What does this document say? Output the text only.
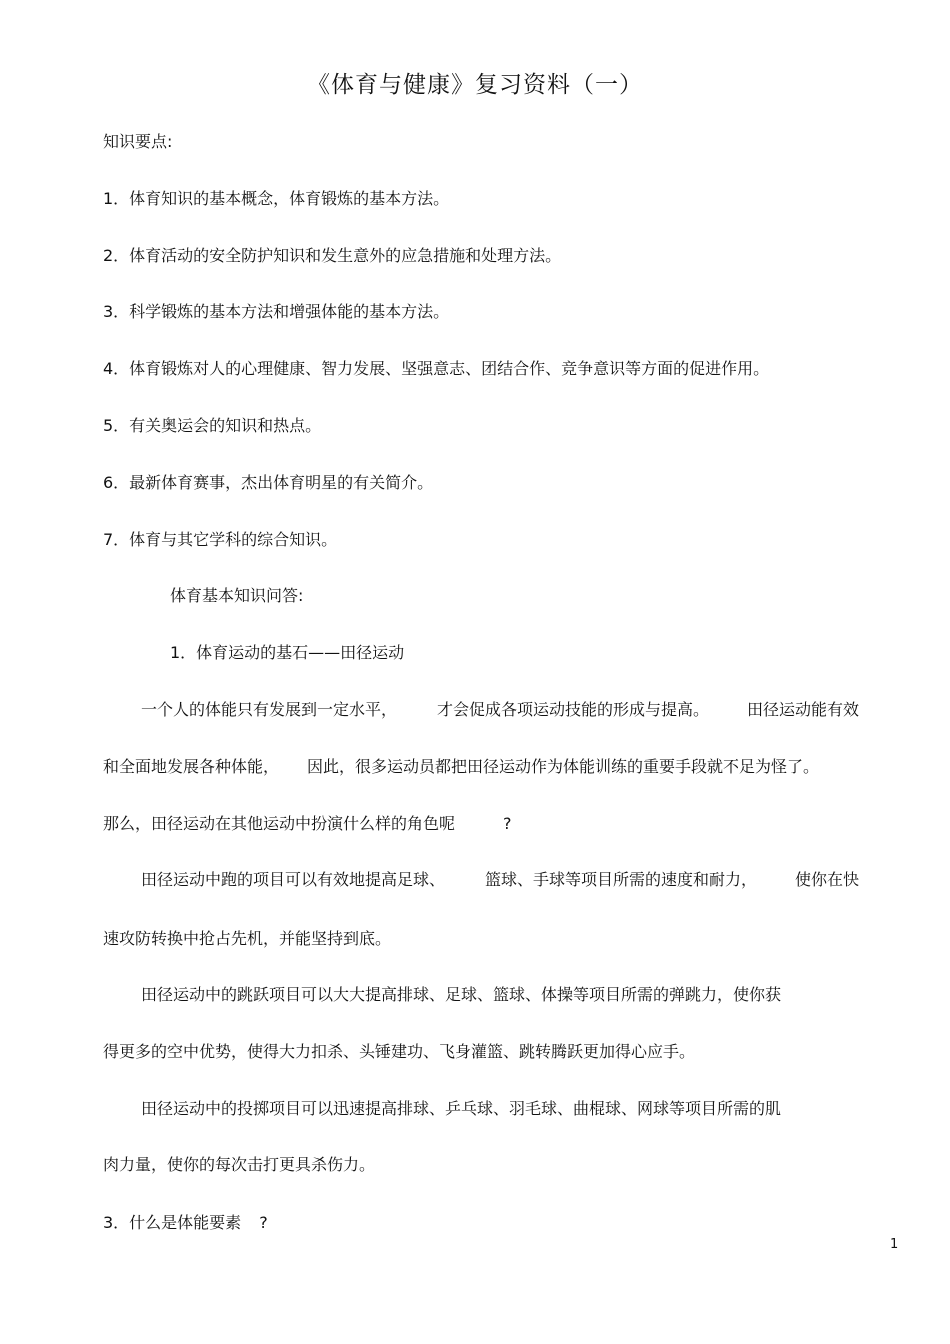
《体育与健康》复习资料（一）
知识要点:
1．体育知识的基本概念，体育锻炼的基本方法。
2．体育活动的安全防护知识和发生意外的应急措施和处理方法。
3．科学锻炼的基本方法和增强体能的基本方法。
4．体育锻炼对人的心理健康、智力发展、坚强意志、团结合作、竞争意识等方面的促进作用。
5．有关奥运会的知识和热点。
6．最新体育赛事，杰出体育明星的有关简介。
7．体育与其它学科的综合知识。
体育基本知识问答:
1．体育运动的基石——田径运动
一个人的体能只有发展到一定水平，	才会促成各项运动技能的形成与提高。 田径运动能有效
和全面地发展各种体能， 因此，很多运动员都把田径运动作为体能训练的重要手段就不足为怪了。
那么，田径运动在其他运动中扮演什么样的角色呢	?
田径运动中跑的项目可以有效地提高足球、	篮球、手球等项目所需的速度和耐力， 使你在快
速攻防转换中抢占先机，并能坚持到底。
田径运动中的跳跃项目可以大大提高排球、足球、篮球、体操等项目所需的弹跳力，使你获
得更多的空中优势，使得大力扣杀、头锤建功、飞身灌篮、跳转腾跃更加得心应手。
田径运动中的投掷项目可以迅速提高排球、乒乓球、羽毛球、曲棍球、网球等项目所需的肌
肉力量，使你的每次击打更具杀伤力。
3．什么是体能要素 ?
1
